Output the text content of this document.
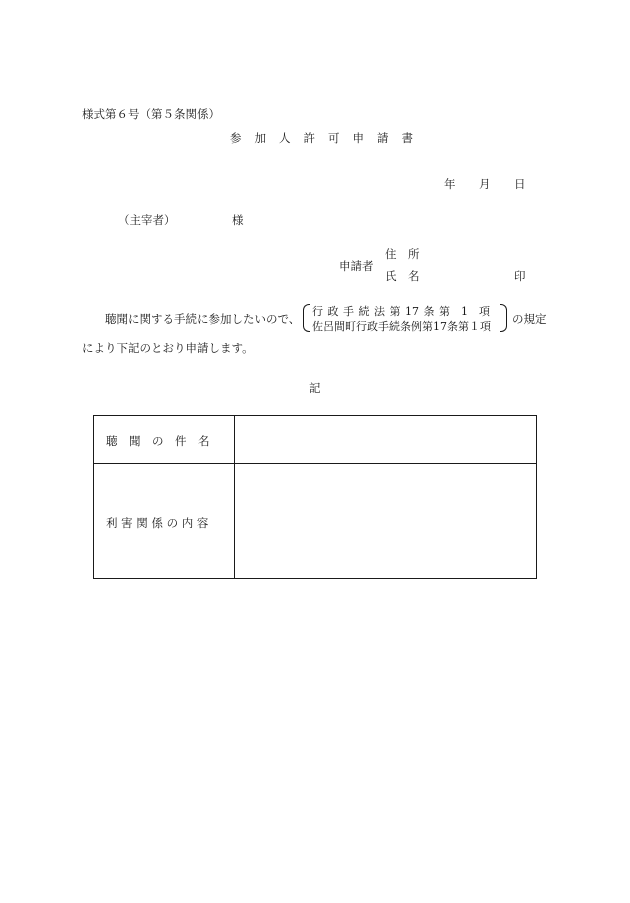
様式第６号（第５条関係）
参 加 人 許 可 申 請 書
年 月 日
（主宰者）	様
申請者
住　所
氏　名	印
聴聞に関する手続に参加したいので、
行 政 手 続 法 第 17 条 第　1　項
佐呂間町行政手続条例第17条第１項
の規定
により下記のとおり申請します。
記
聴　聞　の　件　名
利 害 関 係 の 内 容
